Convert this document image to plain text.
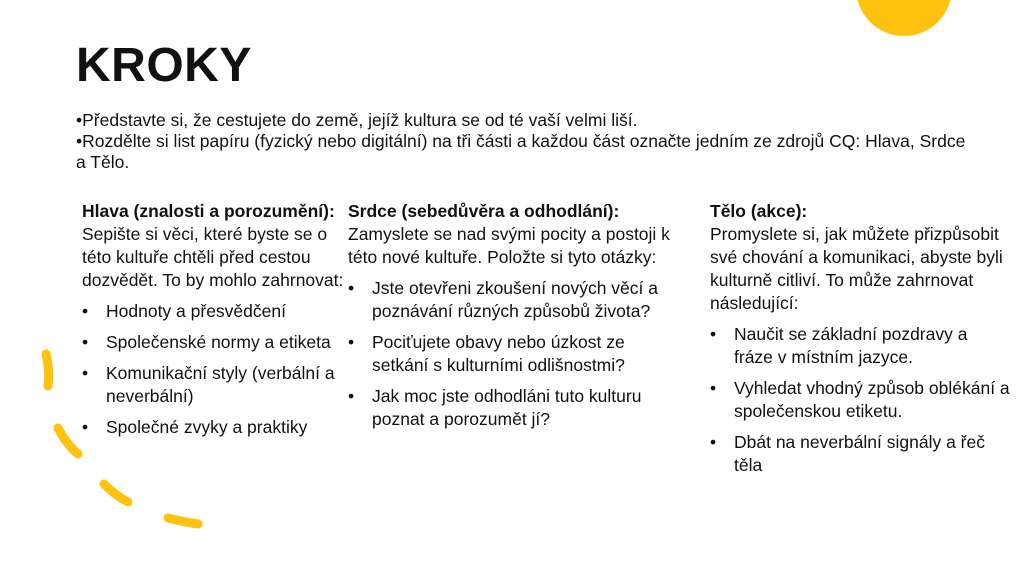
KROKY

•Představte si, že cestujete do země, jejíž kultura se od té vaší velmi liší.

•Rozdělte si list papíru (fyzický nebo digitální) na tři části a každou část označte jedním ze zdrojů CQ: Hlava, Srdce a Tělo.

Hlava (znalosti a porozumění):

Sepište si věci, které byste se o této kultuře chtěli před cestou dozvědět. To by mohlo zahrnovat:

• Hodnoty a přesvědčení
• Společenské normy a etiketa
• Komunikační styly (verbální a neverbální)
• Společné zvyky a praktiky
Srdce (sebedůvěra a odhodlání):

Zamyslete se nad svými pocity a postoji k této nové kultuře. Položte si tyto otázky:

• Jste otevřeni zkoušení nových věcí a poznávání různých způsobů života?
• Pociťujete obavy nebo úzkost ze setkání s kulturními odlišnostmi?
• Jak moc jste odhodláni tuto kulturu poznat a porozumět jí?
Tělo (akce):

Promyslete si, jak můžete přizpůsobit své chování a komunikaci, abyste byli kulturně citliví. To může zahrnovat následující:

• Naučit se základní pozdravy a fráze v místním jazyce.
• Vyhledat vhodný způsob oblékání a společenskou etiketu.
• Dbát na neverbální signály a řeč těla
